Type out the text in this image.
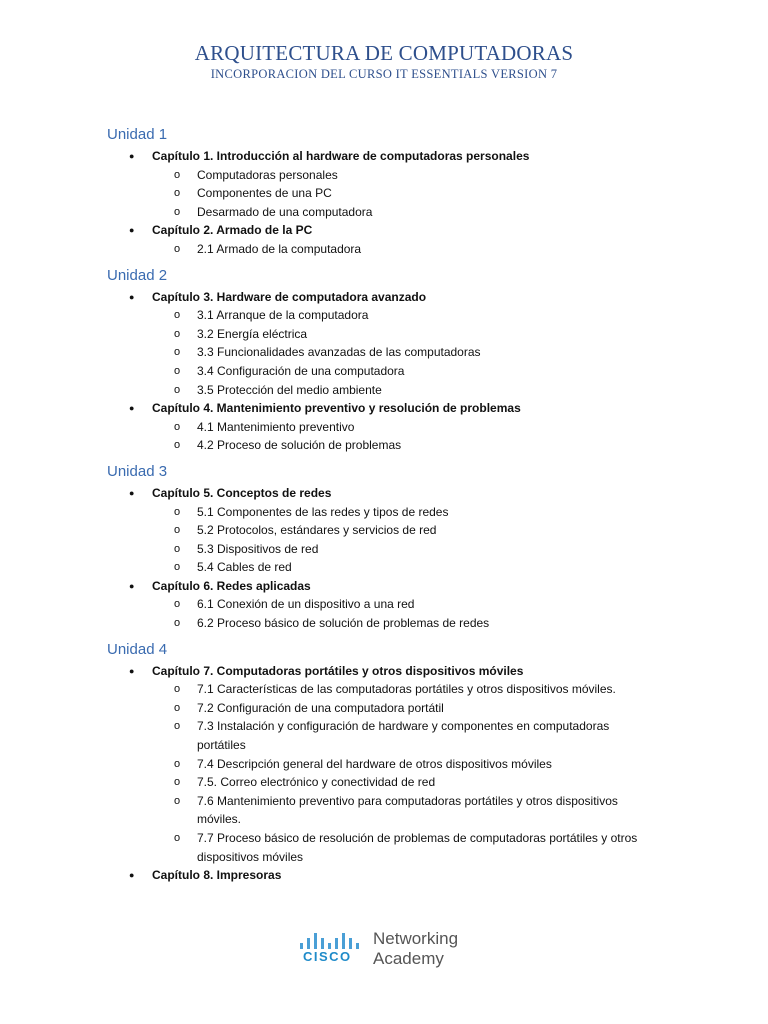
ARQUITECTURA DE COMPUTADORAS
INCORPORACION DEL CURSO IT ESSENTIALS VERSION 7
Unidad 1
● Capítulo 1. Introducción al hardware de computadoras personales
o Computadoras personales
o Componentes de una PC
o Desarmado de una computadora
● Capítulo 2. Armado de la PC
o 2.1 Armado de la computadora
Unidad 2
● Capítulo 3. Hardware de computadora avanzado
o 3.1 Arranque de la computadora
o 3.2 Energía eléctrica
o 3.3 Funcionalidades avanzadas de las computadoras
o 3.4 Configuración de una computadora
o 3.5 Protección del medio ambiente
● Capítulo 4. Mantenimiento preventivo y resolución de problemas
o 4.1 Mantenimiento preventivo
o 4.2 Proceso de solución de problemas
Unidad 3
● Capítulo 5. Conceptos de redes
o 5.1 Componentes de las redes y tipos de redes
o 5.2 Protocolos, estándares y servicios de red
o 5.3 Dispositivos de red
o 5.4 Cables de red
● Capítulo 6. Redes aplicadas
o 6.1 Conexión de un dispositivo a una red
o 6.2 Proceso básico de solución de problemas de redes
Unidad 4
● Capítulo 7. Computadoras portátiles y otros dispositivos móviles
o 7.1 Características de las computadoras portátiles y otros dispositivos móviles.
o 7.2 Configuración de una computadora portátil
o 7.3 Instalación y configuración de hardware y componentes en computadoras portátiles
o 7.4 Descripción general del hardware de otros dispositivos móviles
o 7.5. Correo electrónico y conectividad de red
o 7.6 Mantenimiento preventivo para computadoras portátiles y otros dispositivos móviles.
o 7.7 Proceso básico de resolución de problemas de computadoras portátiles y otros dispositivos móviles
● Capítulo 8. Impresoras
CISCO
Networking
Academy
